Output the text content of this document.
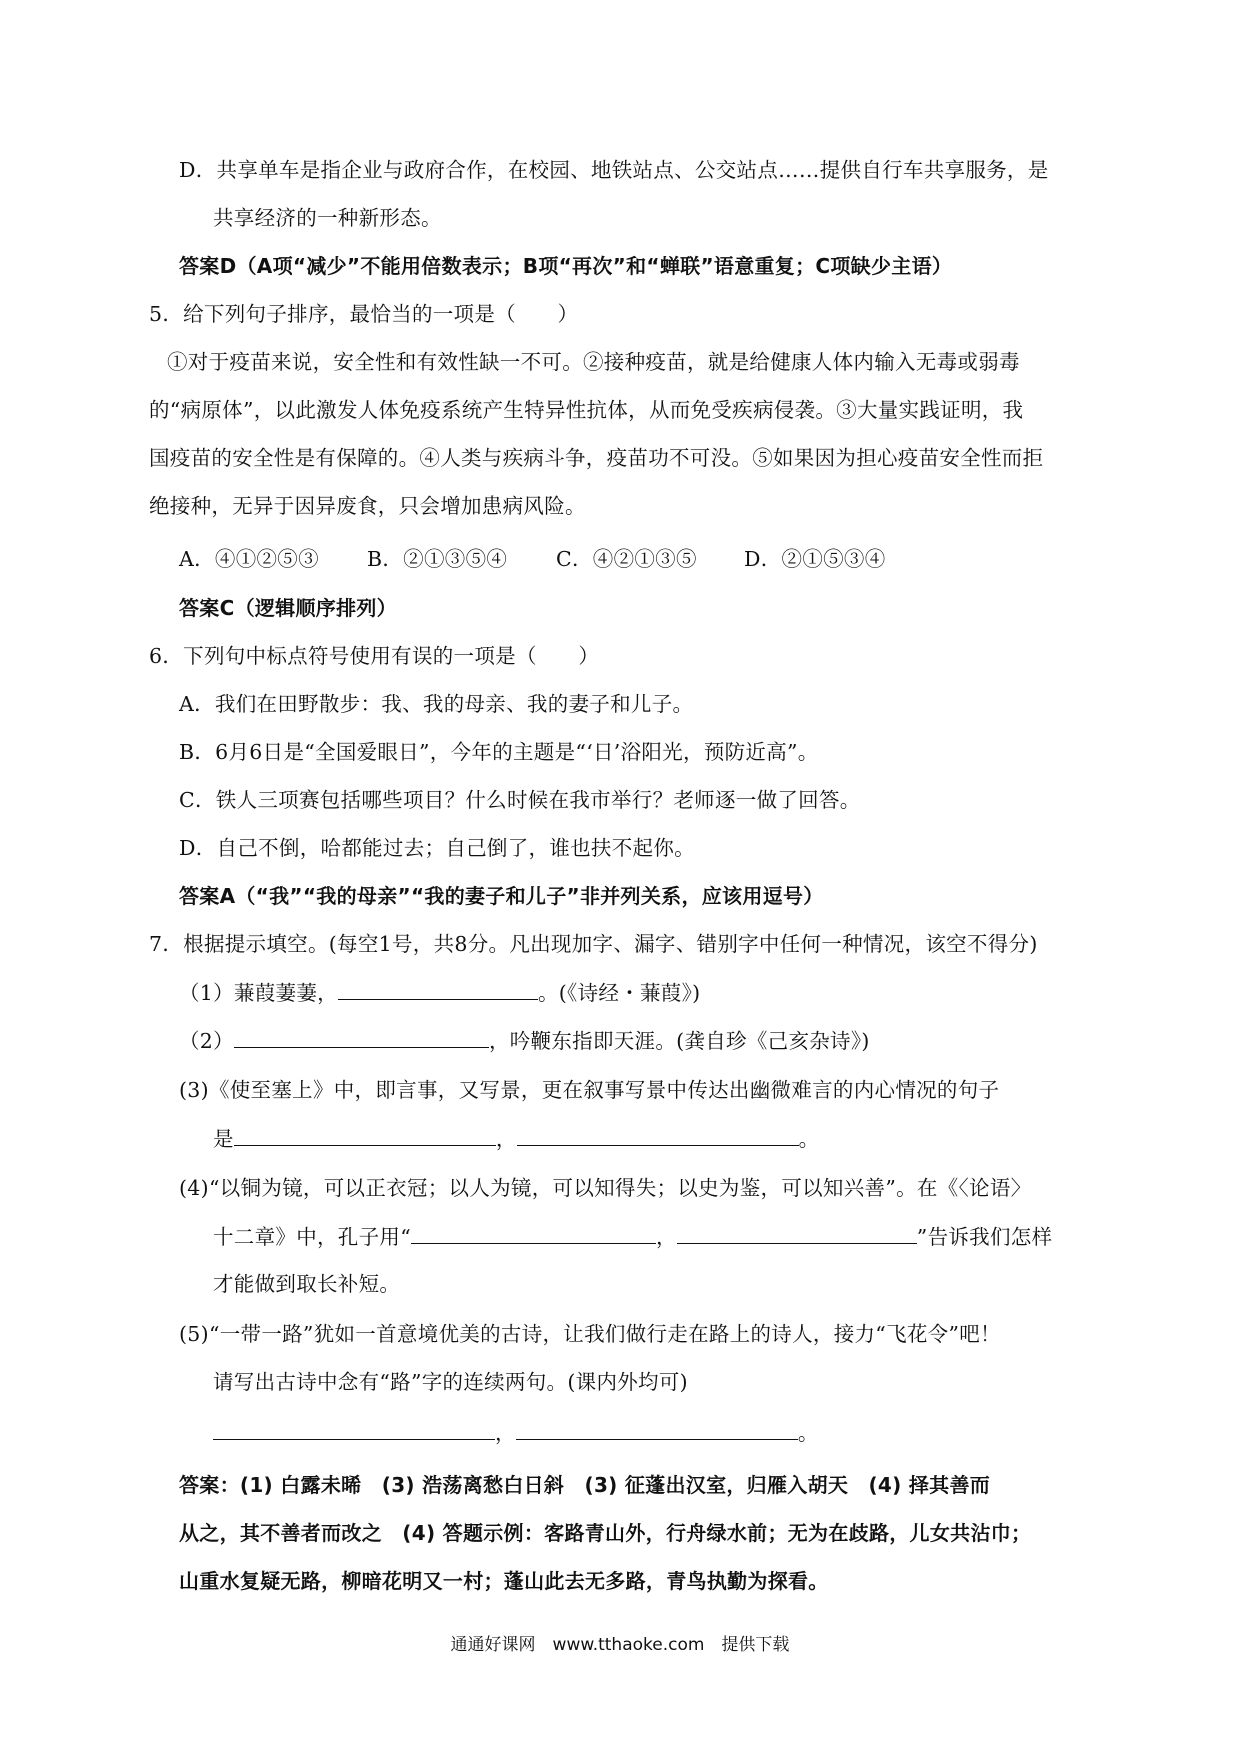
D．共享单车是指企业与政府合作，在校园、地铁站点、公交站点……提供自行车共享服务，是
共享经济的一种新形态。
答案D（A项“减少”不能用倍数表示；B项“再次”和“蝉联”语意重复；C项缺少主语）
5．给下列句子排序，最恰当的一项是（　　）
①对于疫苗来说，安全性和有效性缺一不可。②接种疫苗，就是给健康人体内输入无毒或弱毒
的“病原体”，以此激发人体免疫系统产生特异性抗体，从而免受疾病侵袭。③大量实践证明，我
国疫苗的安全性是有保障的。④人类与疾病斗争，疫苗功不可没。⑤如果因为担心疫苗安全性而拒
绝接种，无异于因异废食，只会增加患病风险。
A．④①②⑤③ B．②①③⑤④ C．④②①③⑤ D．②①⑤③④
答案C（逻辑顺序排列）
6．下列句中标点符号使用有误的一项是（　　）
A．我们在田野散步：我、我的母亲、我的妻子和儿子。
B．6月6日是“全国爱眼日”，今年的主题是“‘日’浴阳光，预防近高”。
C．铁人三项赛包括哪些项目？什么时候在我市举行？老师逐一做了回答。
D．自己不倒，哈都能过去；自己倒了，谁也扶不起你。
答案A（“我”“我的母亲”“我的妻子和儿子”非并列关系，应该用逗号）
7．根据提示填空。(每空1号，共8分。凡出现加字、漏字、错别字中任何一种情况，该空不得分)
（1）蒹葭萋萋，	。(《诗经・蒹葭》)
（2）	，吟鞭东指即天涯。(龚自珍《己亥杂诗》)
(3)《使至塞上》中，即言事，又写景，更在叙事写景中传达出幽微难言的内心情况的句子
是	，	。
(4)“以铜为镜，可以正衣冠；以人为镜，可以知得失；以史为鉴，可以知兴善”。在《〈论语〉
十二章》中，孔子用“	，	”告诉我们怎样
才能做到取长补短。
(5)“一带一路”犹如一首意境优美的古诗，让我们做行走在路上的诗人，接力“飞花令”吧！
请写出古诗中念有“路”字的连续两句。(课内外均可)
，	。
答案：(1) 白露未晞　(3) 浩荡离愁白日斜　(3) 征蓬出汉室，归雁入胡天　(4) 择其善而
从之，其不善者而改之　(4) 答题示例：客路青山外，行舟绿水前；无为在歧路，儿女共沾巾；
山重水复疑无路，柳暗花明又一村；蓬山此去无多路，青鸟执勤为探看。
通通好课网　www.tthaoke.com　提供下载
